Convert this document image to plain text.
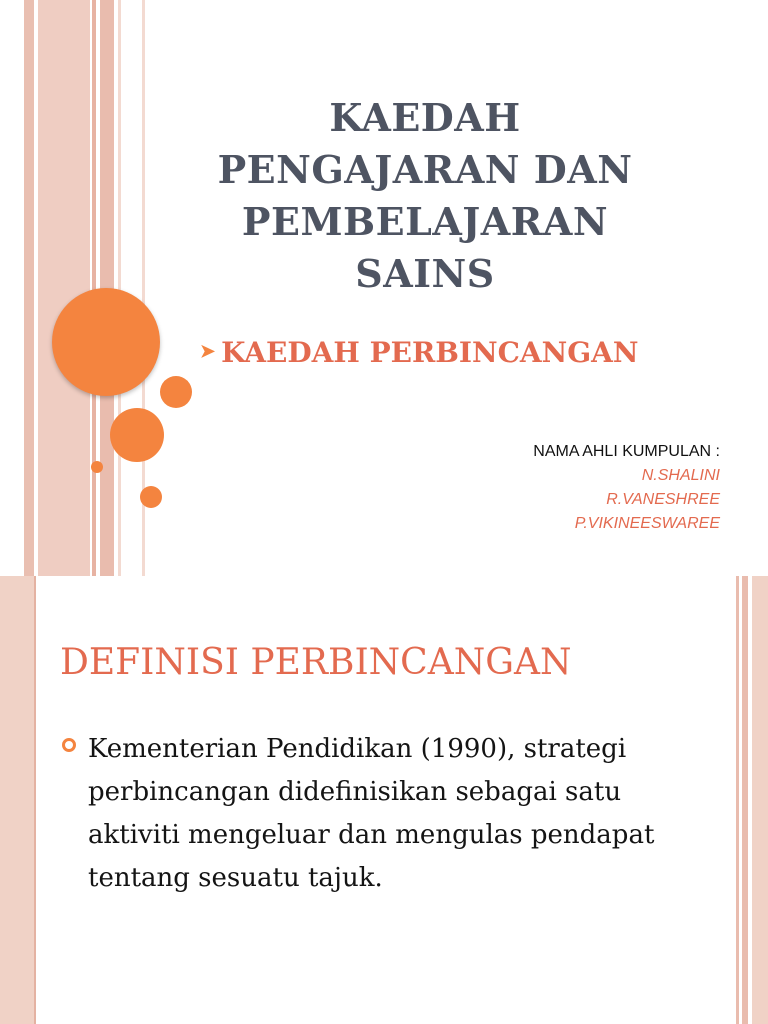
KAEDAH PENGAJARAN DAN PEMBELAJARAN SAINS
➤ KAEDAH PERBINCANGAN
NAMA AHLI KUMPULAN :
N.SHALINI
R.VANESHREE
P.VIKINEESWAREE
DEFINISI PERBINCANGAN

Kementerian Pendidikan (1990), strategi perbincangan didefinisikan sebagai satu aktiviti mengeluar dan mengulas pendapat tentang sesuatu tajuk.
